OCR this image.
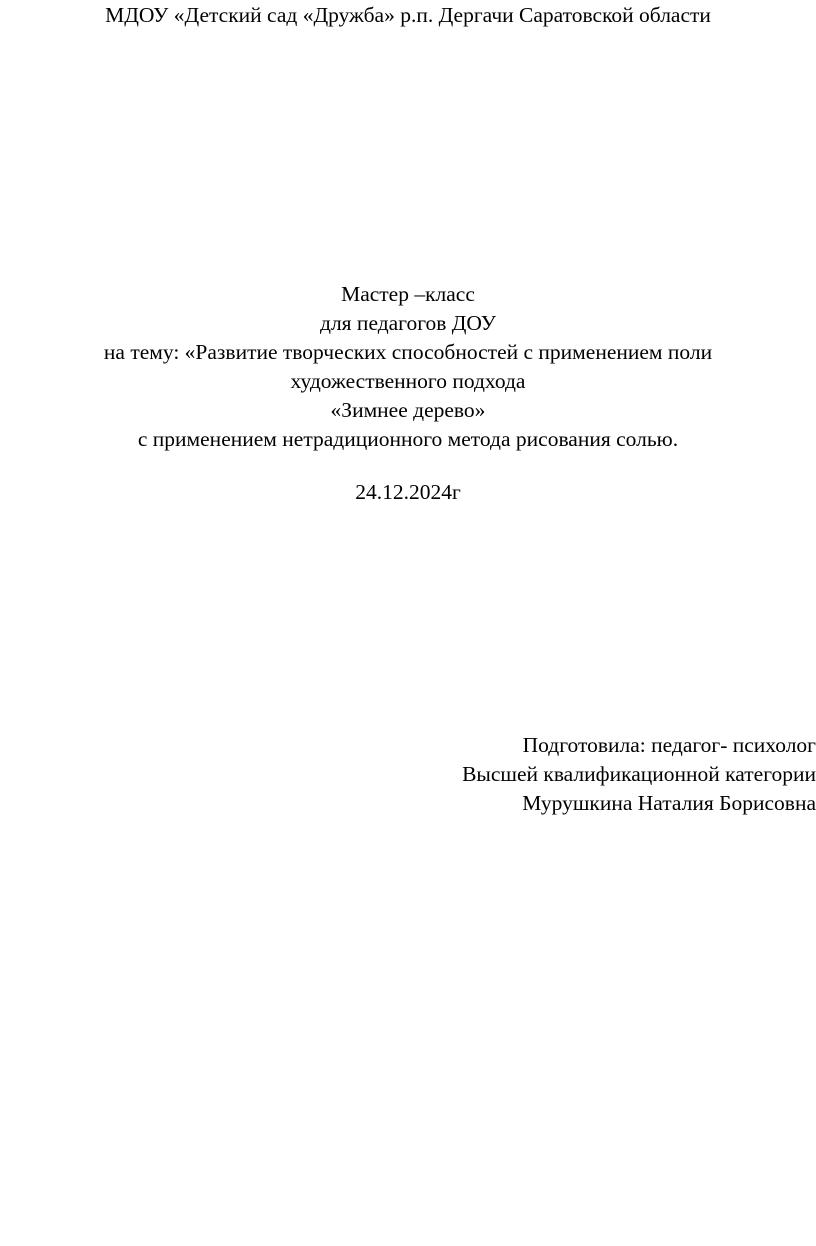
МДОУ «Детский сад «Дружба» р.п. Дергачи Саратовской области
Мастер –класс
для педагогов ДОУ
на тему: «Развитие творческих способностей с применением поли
художественного подхода
«Зимнее дерево»
с применением нетрадиционного метода рисования солью.
24.12.2024г
Подготовила: педагог- психолог
Высшей квалификационной категории
Мурушкина Наталия Борисовна
